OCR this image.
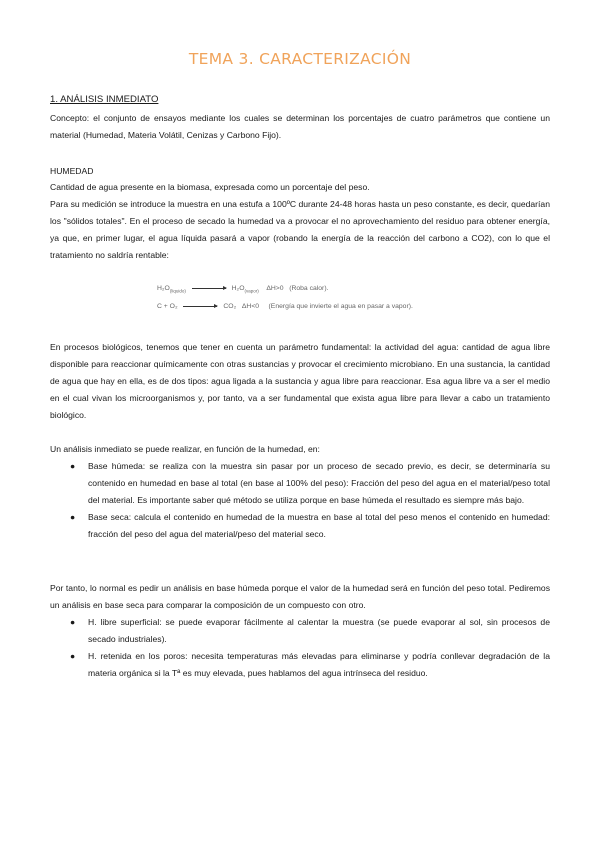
TEMA 3. CARACTERIZACIÓN
1. ANÁLISIS INMEDIATO

Concepto: el conjunto de ensayos mediante los cuales se determinan los porcentajes de cuatro parámetros que contiene un material (Humedad, Materia Volátil, Cenizas y Carbono Fijo).

HUMEDAD

Cantidad de agua presente en la biomasa, expresada como un porcentaje del peso.

Para su medición se introduce la muestra en una estufa a 100ºC durante 24-48 horas hasta un peso constante, es decir, quedarían los "sólidos totales". En el proceso de secado la humedad va a provocar el no aprovechamiento del residuo para obtener energía, ya que, en primer lugar, el agua líquida pasará a vapor (robando la energía de la reacción del carbono a CO2), con lo que el tratamiento no saldría rentable:

$H_2O_{(liquido)}$	$H_2O_{(vapor)}$ ΔH>0 (Roba calor).
C + O₂	CO₂ ΔH<0 (Energía que invierte el agua en pasar a vapor).

En procesos biológicos, tenemos que tener en cuenta un parámetro fundamental: la actividad del agua: cantidad de agua libre disponible para reaccionar químicamente con otras sustancias y provocar el crecimiento microbiano. En una sustancia, la cantidad de agua que hay en ella, es de dos tipos: agua ligada a la sustancia y agua libre para reaccionar. Esa agua libre va a ser el medio en el cual vivan los microorganismos y, por tanto, va a ser fundamental que exista agua libre para llevar a cabo un tratamiento biológico.

Un análisis inmediato se puede realizar, en función de la humedad, en:

● Base húmeda: se realiza con la muestra sin pasar por un proceso de secado previo, es decir, se determinaría su contenido en humedad en base al total (en base al 100% del peso): Fracción del peso del agua en el material/peso total del material. Es importante saber qué método se utiliza porque en base húmeda el resultado es siempre más bajo.
● Base seca: calcula el contenido en humedad de la muestra en base al total del peso menos el contenido en humedad: fracción del peso del agua del material/peso del material seco.

Por tanto, lo normal es pedir un análisis en base húmeda porque el valor de la humedad será en función del peso total. Pediremos un análisis en base seca para comparar la composición de un compuesto con otro.

● H. libre superficial: se puede evaporar fácilmente al calentar la muestra (se puede evaporar al sol, sin procesos de secado industriales).
● H. retenida en los poros: necesita temperaturas más elevadas para eliminarse y podría conllevar degradación de la materia orgánica si la Tª es muy elevada, pues hablamos del agua intrínseca del residuo.
